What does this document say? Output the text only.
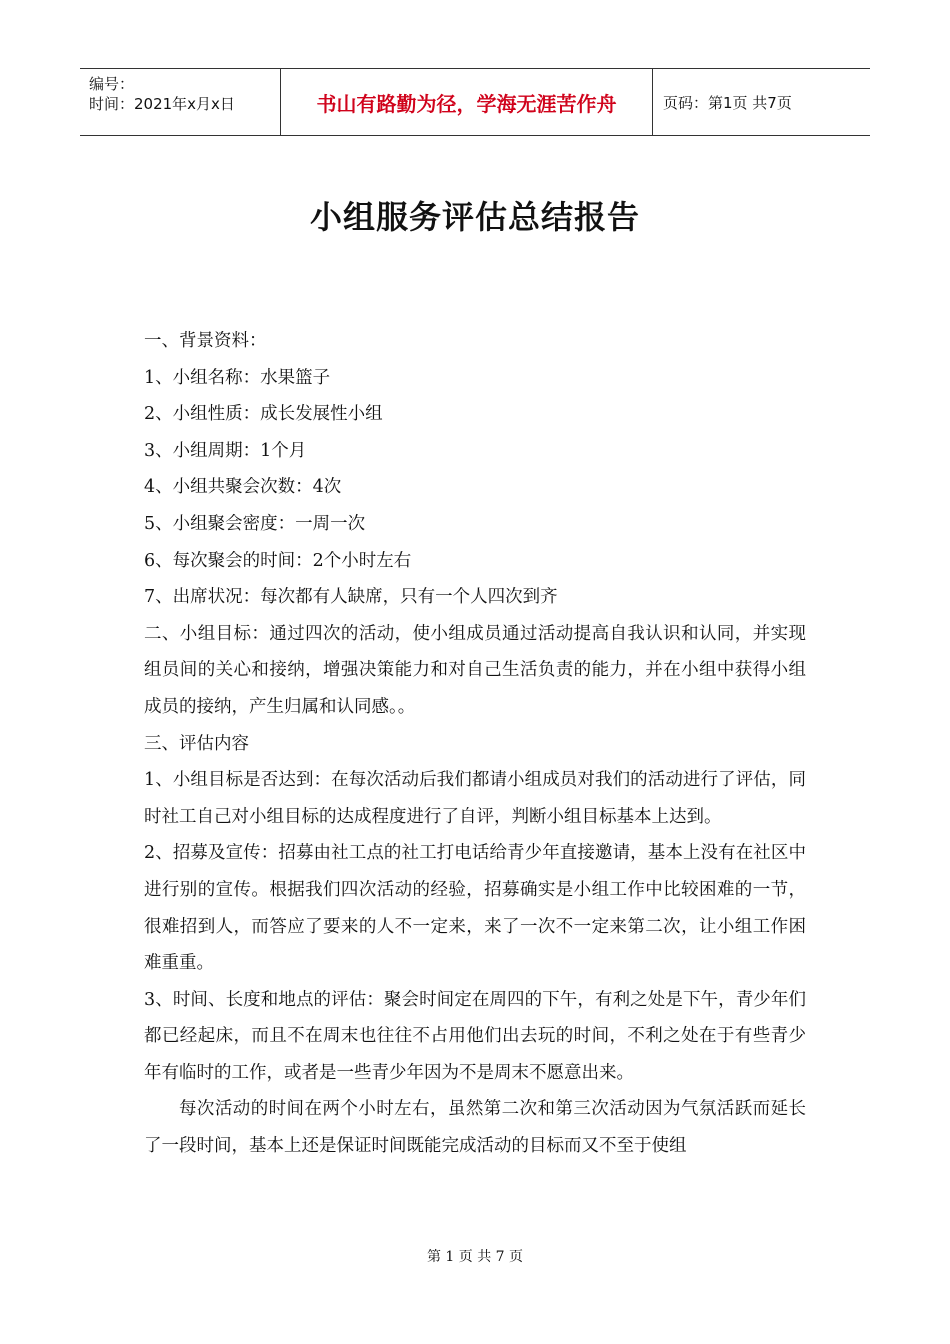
编号：
时间：2021年x月x日	书山有路勤为径，学海无涯苦作舟	页码：第1页 共7页
小组服务评估总结报告

一、背景资料：

1、小组名称：水果篮子

2、小组性质：成长发展性小组

3、小组周期：1个月

4、小组共聚会次数：4次

5、小组聚会密度：一周一次

6、每次聚会的时间：2个小时左右

7、出席状况：每次都有人缺席，只有一个人四次到齐

二、小组目标：通过四次的活动，使小组成员通过活动提高自我认识和认同，并实现组员间的关心和接纳，增强决策能力和对自己生活负责的能力，并在小组中获得小组成员的接纳，产生归属和认同感。。

三、评估内容

1、小组目标是否达到：在每次活动后我们都请小组成员对我们的活动进行了评估，同时社工自己对小组目标的达成程度进行了自评，判断小组目标基本上达到。

2、招募及宣传：招募由社工点的社工打电话给青少年直接邀请，基本上没有在社区中进行别的宣传。根据我们四次活动的经验，招募确实是小组工作中比较困难的一节，很难招到人，而答应了要来的人不一定来，来了一次不一定来第二次，让小组工作困难重重。

3、时间、长度和地点的评估：聚会时间定在周四的下午，有利之处是下午，青少年们都已经起床，而且不在周末也往往不占用他们出去玩的时间，不利之处在于有些青少年有临时的工作，或者是一些青少年因为不是周末不愿意出来。

每次活动的时间在两个小时左右，虽然第二次和第三次活动因为气氛活跃而延长了一段时间，基本上还是保证时间既能完成活动的目标而又不至于使组

第 1 页 共 7 页
